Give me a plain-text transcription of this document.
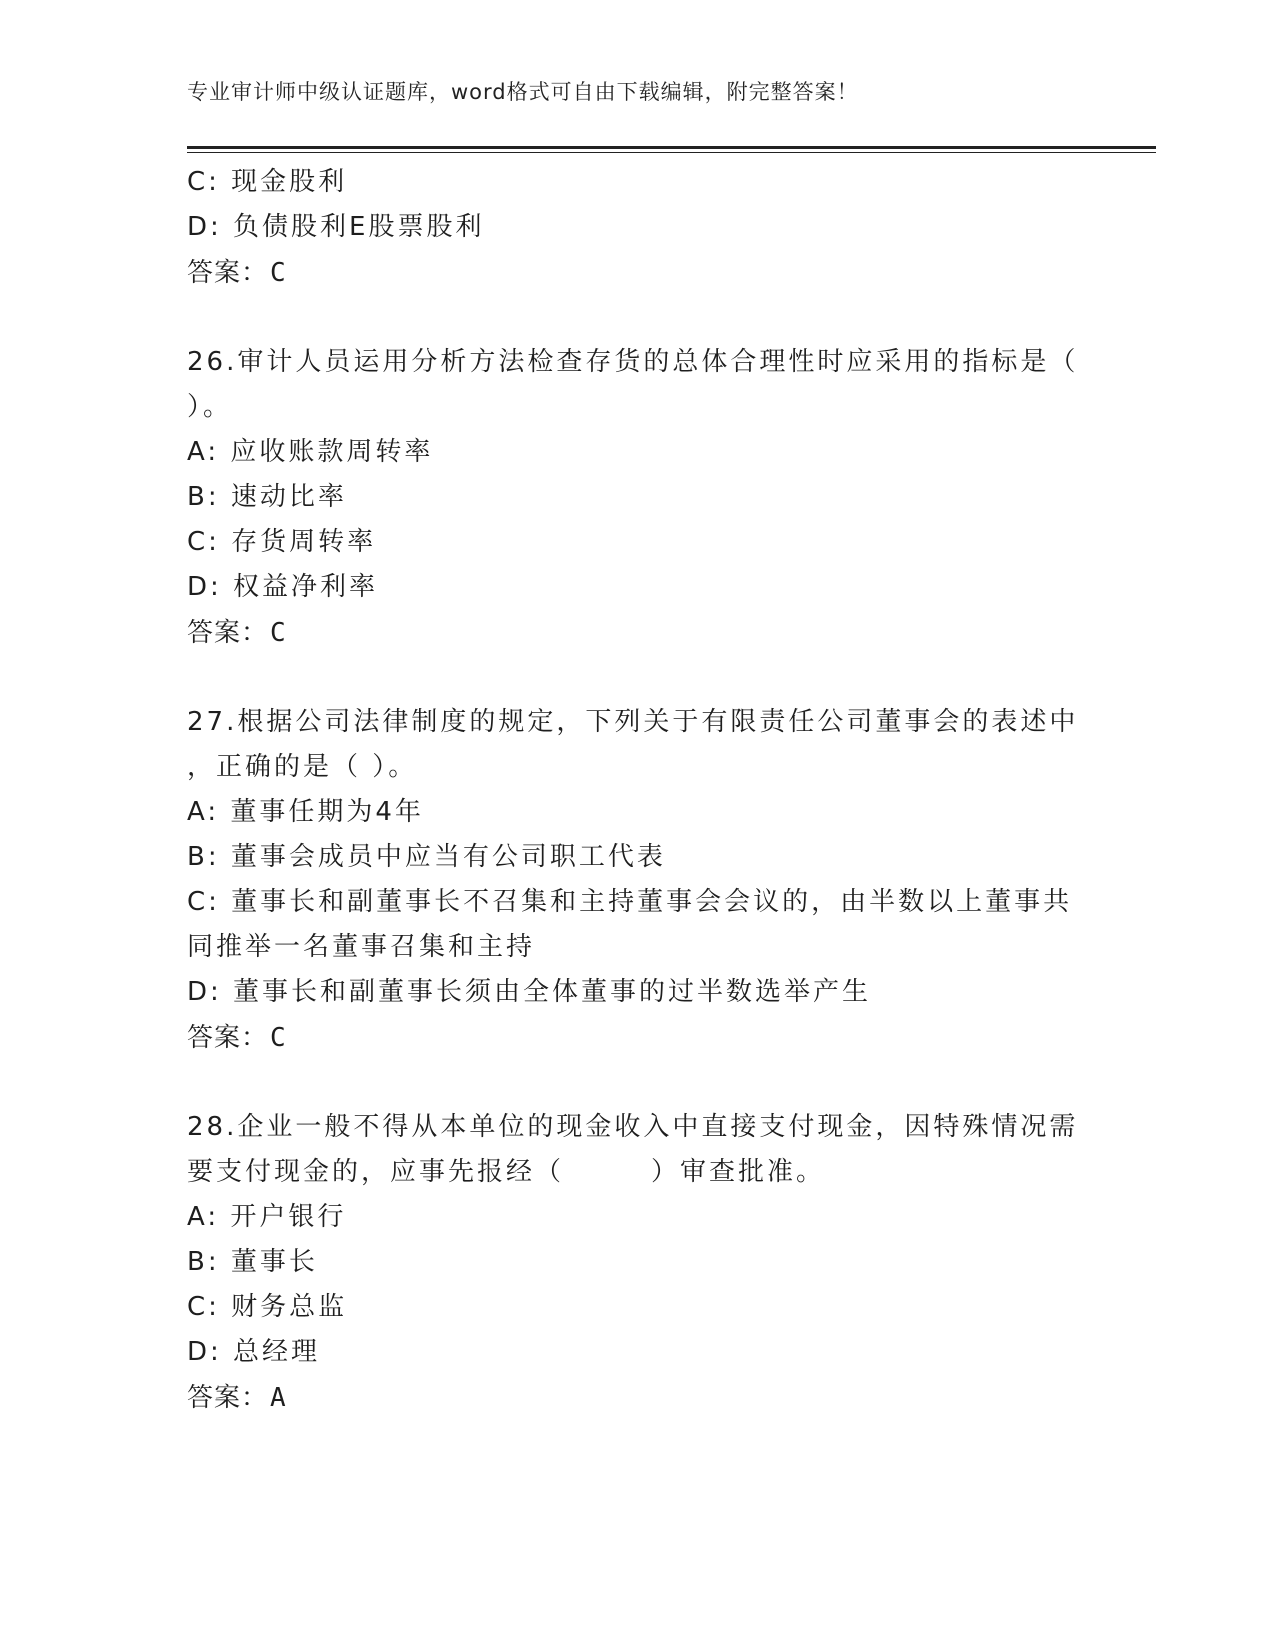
专业审计师中级认证题库，word格式可自由下载编辑，附完整答案！
C: 现金股利
D: 负债股利E股票股利
答案：C
26.审计人员运用分析方法检查存货的总体合理性时应采用的指标是（
）。
A: 应收账款周转率
B: 速动比率
C: 存货周转率
D: 权益净利率
答案：C
27.根据公司法律制度的规定，下列关于有限责任公司董事会的表述中
，正确的是（ ）。
A: 董事任期为4年
B: 董事会成员中应当有公司职工代表
C: 董事长和副董事长不召集和主持董事会会议的，由半数以上董事共
同推举一名董事召集和主持
D: 董事长和副董事长须由全体董事的过半数选举产生
答案：C
28.企业一般不得从本单位的现金收入中直接支付现金，因特殊情况需
要支付现金的，应事先报经（　　　）审查批准。
A: 开户银行
B: 董事长
C: 财务总监
D: 总经理
答案：A
